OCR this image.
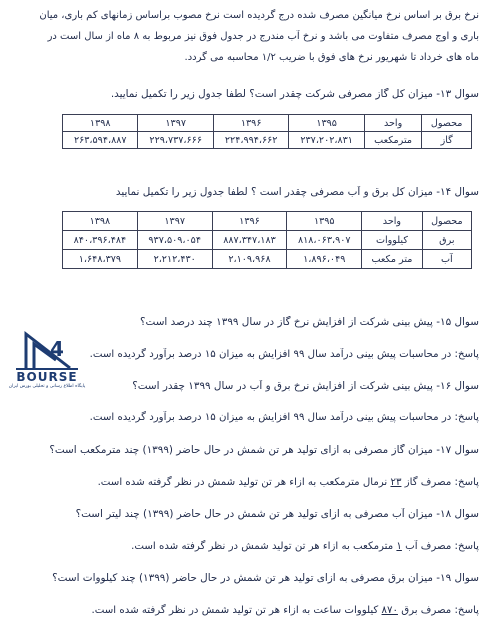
نرخ برق بر اساس نرخ میانگین مصرف شده درج گردیده است نرخ مصوب براساس زمانهای کم باری، میان
باری و اوج مصرف متفاوت می باشد و نرخ آب مندرج در جدول فوق نیز مربوط به ۸ ماه از سال است در
ماه های خرداد تا شهریور نرخ های فوق با ضریب ۱/۲ محاسبه می گردد.
سوال ۱۳- میزان کل گاز مصرفی شرکت چقدر است؟ لطفا جدول زیر را تکمیل نمایید.
محصول	واحد	۱۳۹۵	۱۳۹۶	۱۳۹۷	۱۳۹۸
گاز	مترمکعب	۲۳۷،۲۰۲،۸۳۱	۲۲۴،۹۹۴،۶۶۲	۲۲۹،۷۳۷،۶۶۶	۲۶۳،۵۹۴،۸۸۷
سوال ۱۴- میزان کل برق و آب مصرفی چقدر است ؟ لطفا جدول زیر را تکمیل نمایید
محصول	واحد	۱۳۹۵	۱۳۹۶	۱۳۹۷	۱۳۹۸
برق	کیلووات	۸۱۸،۰۶۳،۹۰۷	۸۸۷،۳۴۷،۱۸۳	۹۳۷،۵۰۹،۰۵۴	۸۴۰،۳۹۶،۴۸۴
آب	متر مکعب	۱،۸۹۶،۰۴۹	۲،۱۰۹،۹۶۸	۲،۲۱۲،۴۳۰	۱،۶۴۸،۳۷۹
4
BOURSE
پایگاه اطلاع رسانی و تحلیلی بورس ایران
سوال ۱۵- پیش بینی شرکت از افزایش نرخ گاز در سال ۱۳۹۹ چند درصد است؟
پاسخ: در محاسبات پیش بینی درآمد سال ۹۹ افزایش به میزان ۱۵ درصد برآورد گردیده است.
سوال ۱۶- پیش بینی شرکت از افزایش نرخ برق و آب در سال ۱۳۹۹ چقدر است؟
پاسخ: در محاسبات پیش بینی درآمد سال ۹۹ افزایش به میزان ۱۵ درصد برآورد گردیده است.
سوال ۱۷- میزان گاز مصرفی به ازای تولید هر تن شمش در حال حاضر (۱۳۹۹) چند مترمکعب است؟
پاسخ: مصرف گاز ۲۳ نرمال مترمکعب به ازاء هر تن تولید شمش در نظر گرفته شده است.
سوال ۱۸- میزان آب مصرفی به ازای تولید هر تن شمش در حال حاضر (۱۳۹۹) چند لیتر است؟
پاسخ: مصرف آب ۱ مترمکعب به ازاء هر تن تولید شمش در نظر گرفته شده است.
سوال ۱۹- میزان برق مصرفی به ازای تولید هر تن شمش در حال حاضر (۱۳۹۹) چند کیلووات است؟
پاسخ: مصرف برق ۸۷۰ کیلووات ساعت به ازاء هر تن تولید شمش در نظر گرفته شده است.
